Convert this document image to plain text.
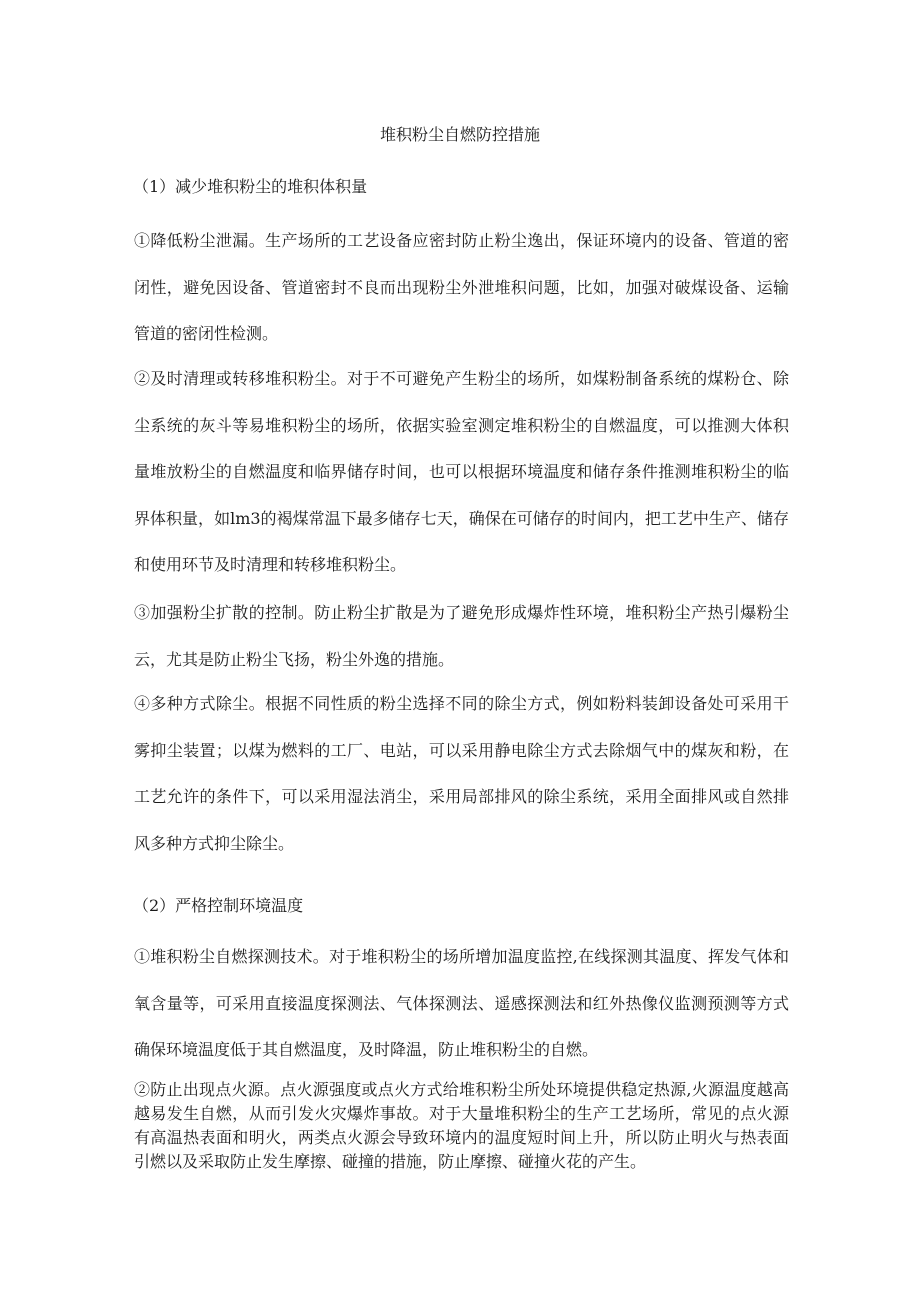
堆积粉尘自燃防控措施

（1）减少堆积粉尘的堆积体积量

①降低粉尘泄漏。生产场所的工艺设备应密封防止粉尘逸出，保证环境内的设备、管道的密闭性，避免因设备、管道密封不良而出现粉尘外泄堆积问题，比如，加强对破煤设备、运输管道的密闭性检测。

②及时清理或转移堆积粉尘。对于不可避免产生粉尘的场所，如煤粉制备系统的煤粉仓、除尘系统的灰斗等易堆积粉尘的场所，依据实验室测定堆积粉尘的自燃温度，可以推测大体积量堆放粉尘的自燃温度和临界储存时间，也可以根据环境温度和储存条件推测堆积粉尘的临界体积量，如lm3的褐煤常温下最多储存七天，确保在可储存的时间内，把工艺中生产、储存和使用环节及时清理和转移堆积粉尘。

③加强粉尘扩散的控制。防止粉尘扩散是为了避免形成爆炸性环境，堆积粉尘产热引爆粉尘云，尤其是防止粉尘飞扬，粉尘外逸的措施。

④多种方式除尘。根据不同性质的粉尘选择不同的除尘方式，例如粉料装卸设备处可采用干雾抑尘装置；以煤为燃料的工厂、电站，可以采用静电除尘方式去除烟气中的煤灰和粉，在工艺允许的条件下，可以采用湿法消尘，采用局部排风的除尘系统，采用全面排风或自然排风多种方式抑尘除尘。

（2）严格控制环境温度

①堆积粉尘自燃探测技术。对于堆积粉尘的场所增加温度监控,在线探测其温度、挥发气体和氧含量等，可采用直接温度探测法、气体探测法、遥感探测法和红外热像仪监测预测等方式确保环境温度低于其自燃温度，及时降温，防止堆积粉尘的自燃。

②防止出现点火源。点火源强度或点火方式给堆积粉尘所处环境提供稳定热源,火源温度越高越易发生自燃，从而引发火灾爆炸事故。对于大量堆积粉尘的生产工艺场所，常见的点火源有高温热表面和明火，两类点火源会导致环境内的温度短时间上升，所以防止明火与热表面引燃以及采取防止发生摩擦、碰撞的措施，防止摩擦、碰撞火花的产生。
